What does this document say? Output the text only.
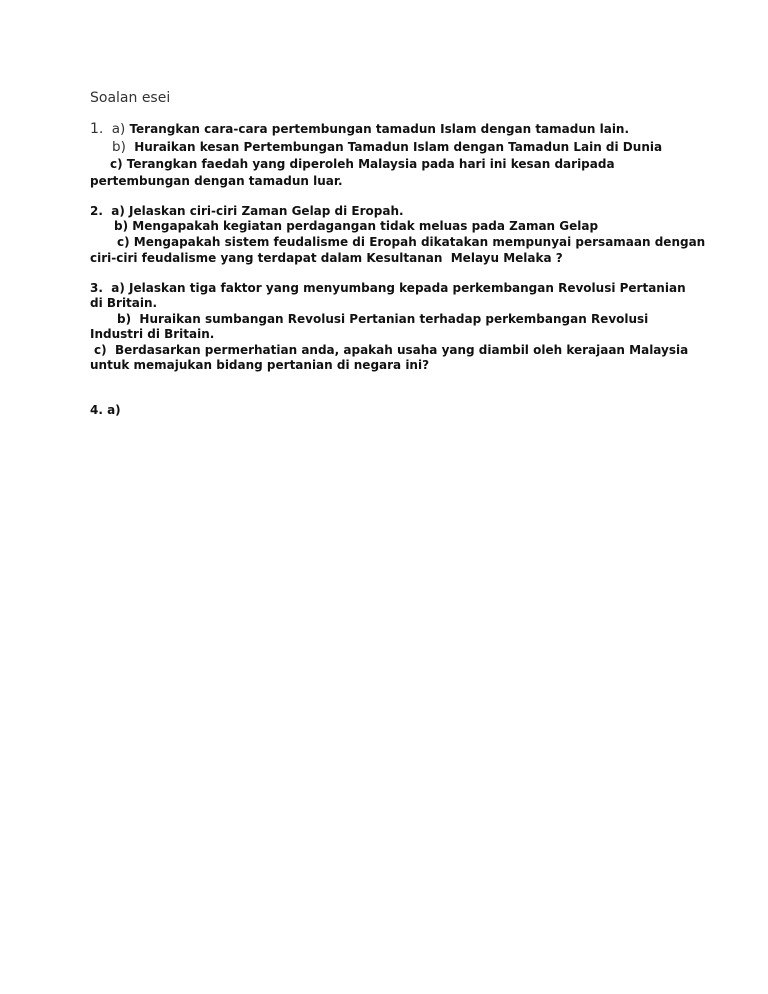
Soalan esei
1. a) Terangkan cara-cara pertembungan tamadun Islam dengan tamadun lain.
b) Huraikan kesan Pertembungan Tamadun Islam dengan Tamadun Lain di Dunia
c) Terangkan faedah yang diperoleh Malaysia pada hari ini kesan daripada
pertembungan dengan tamadun luar.
2.  a) Jelaskan ciri-ciri Zaman Gelap di Eropah.
b) Mengapakah kegiatan perdagangan tidak meluas pada Zaman Gelap
c) Mengapakah sistem feudalisme di Eropah dikatakan mempunyai persamaan dengan
ciri-ciri feudalisme yang terdapat dalam Kesultanan  Melayu Melaka ?
3.  a) Jelaskan tiga faktor yang menyumbang kepada perkembangan Revolusi Pertanian
di Britain.
b)  Huraikan sumbangan Revolusi Pertanian terhadap perkembangan Revolusi
Industri di Britain.
c)  Berdasarkan permerhatian anda, apakah usaha yang diambil oleh kerajaan Malaysia
untuk memajukan bidang pertanian di negara ini?
4. a)
